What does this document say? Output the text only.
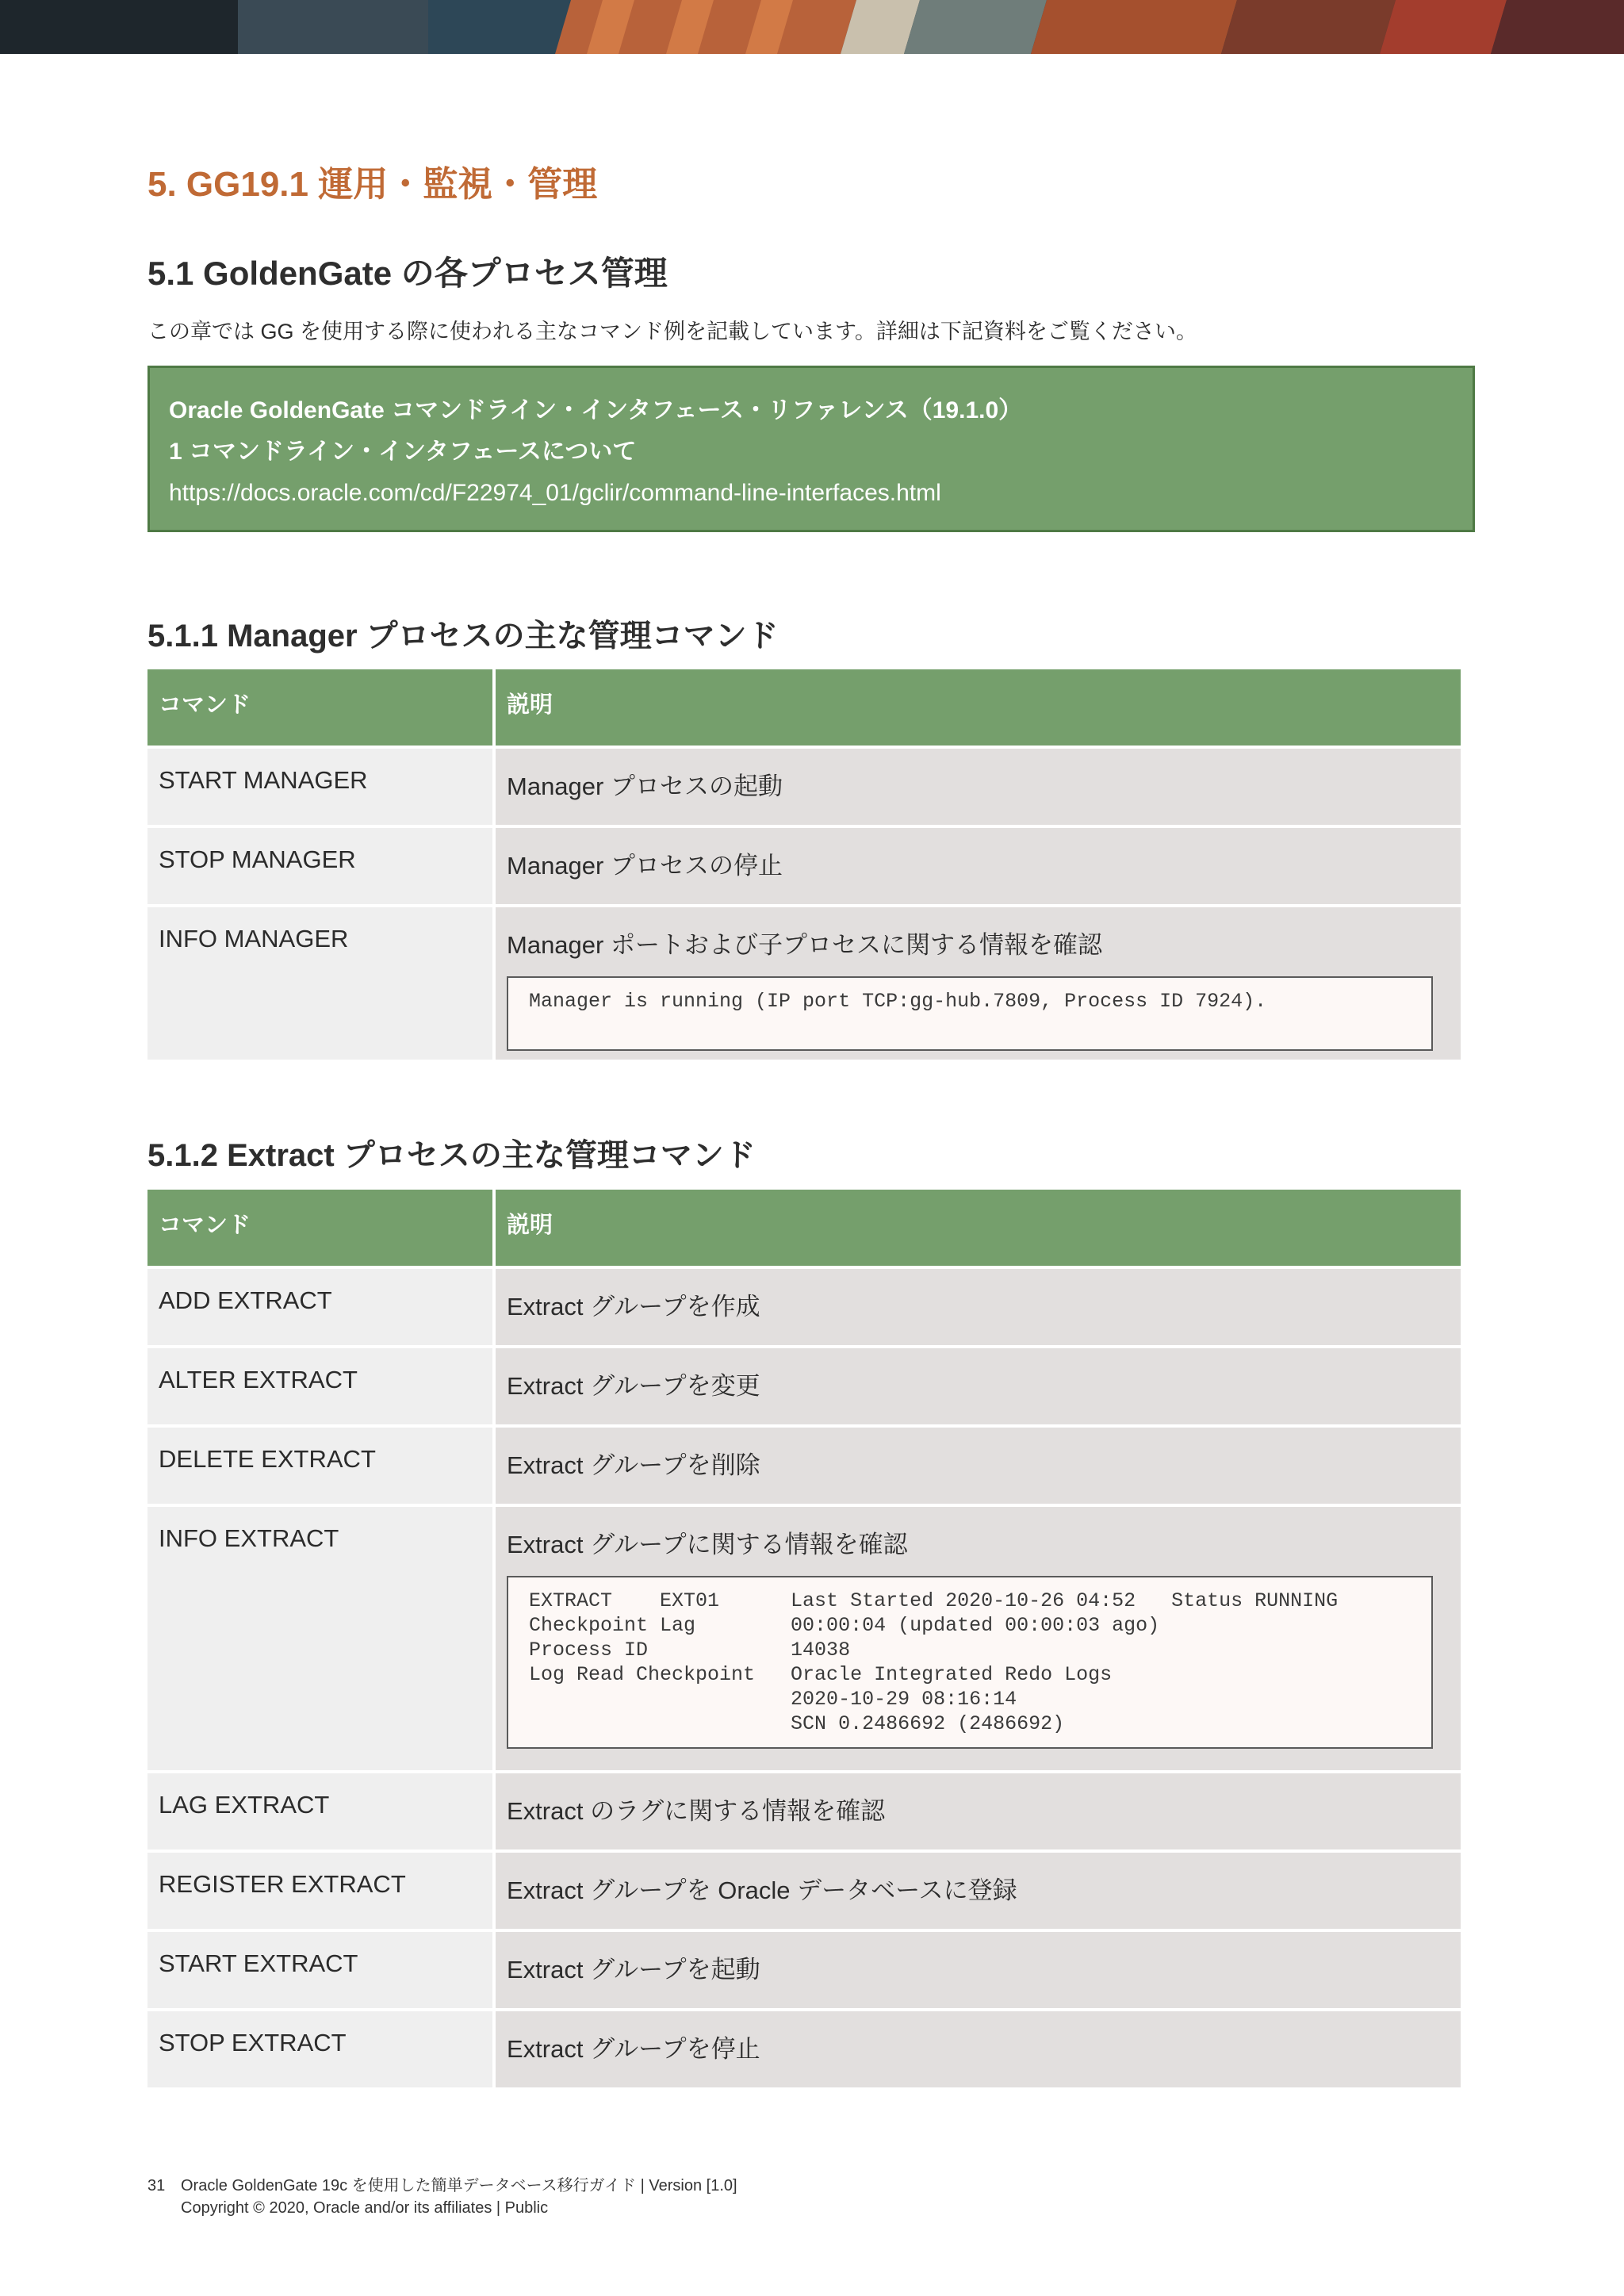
5. GG19.1 運用・監視・管理
5.1 GoldenGate の各プロセス管理
この章では GG を使用する際に使われる主なコマンド例を記載しています。詳細は下記資料をご覧ください。
Oracle GoldenGate コマンドライン・インタフェース・リファレンス（19.1.0）
1 コマンドライン・インタフェースについて
https://docs.oracle.com/cd/F22974_01/gclir/command-line-interfaces.html
5.1.1 Manager プロセスの主な管理コマンド
コマンド	説明
START MANAGER	Manager プロセスの起動
STOP MANAGER	Manager プロセスの停止
INFO MANAGER	Manager ポートおよび子プロセスに関する情報を確認
Manager is running (IP port TCP:gg-hub.7809, Process ID 7924).
5.1.2 Extract プロセスの主な管理コマンド
コマンド	説明
ADD EXTRACT	Extract グループを作成
ALTER EXTRACT	Extract グループを変更
DELETE EXTRACT	Extract グループを削除
INFO EXTRACT	Extract グループに関する情報を確認
EXTRACT    EXT01      Last Started 2020-10-26 04:52   Status RUNNING
Checkpoint Lag        00:00:04 (updated 00:00:03 ago)
Process ID            14038
Log Read Checkpoint   Oracle Integrated Redo Logs
2020-10-29 08:16:14
SCN 0.2486692 (2486692)
LAG EXTRACT	Extract のラグに関する情報を確認
REGISTER EXTRACT	Extract グループを Oracle データベースに登録
START EXTRACT	Extract グループを起動
STOP EXTRACT	Extract グループを停止
31 Oracle GoldenGate 19c を使用した簡単データベース移行ガイド | Version [1.0]
Copyright © 2020, Oracle and/or its affiliates | Public
